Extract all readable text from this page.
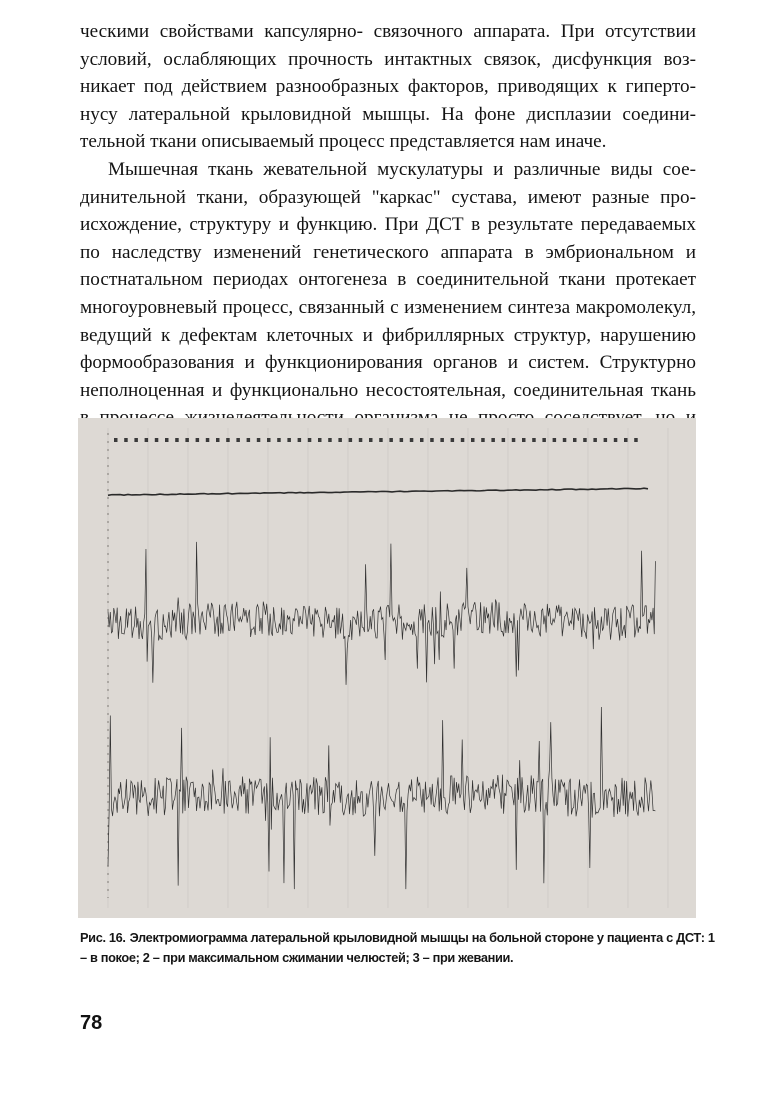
ческими свойствами капсулярно- связочного аппарата. При отсутствии условий, ослабляющих прочность интактных связок, дисфункция возникает под действием разнообразных факторов, приводящих к гипертонусу латеральной крыловидной мышцы. На фоне дисплазии соединительной ткани описываемый процесс представляется нам иначе.

Мышечная ткань жевательной мускулатуры и различные виды соединительной ткани, образующей "каркас" сустава, имеют разные происхождение, структуру и функцию. При ДСТ в результате передаваемых по наследству изменений генетического аппарата в эмбриональном и постнатальном периодах онтогенеза в соединительной ткани протекает многоуровневый процесс, связанный с изменением синтеза макромолекул, ведущий к дефектам клеточных и фибриллярных структур, нарушению формообразования и функционирования органов и систем. Структурно неполноценная и функционально несостоятельная, соединительная ткань

Рис. 16. Электромиограмма латеральной крыловидной мышцы на больной стороне у пациента с ДСТ: 1 – в покое; 2 – при максимальном сжимании челюстей; 3 – при жевании.
78
